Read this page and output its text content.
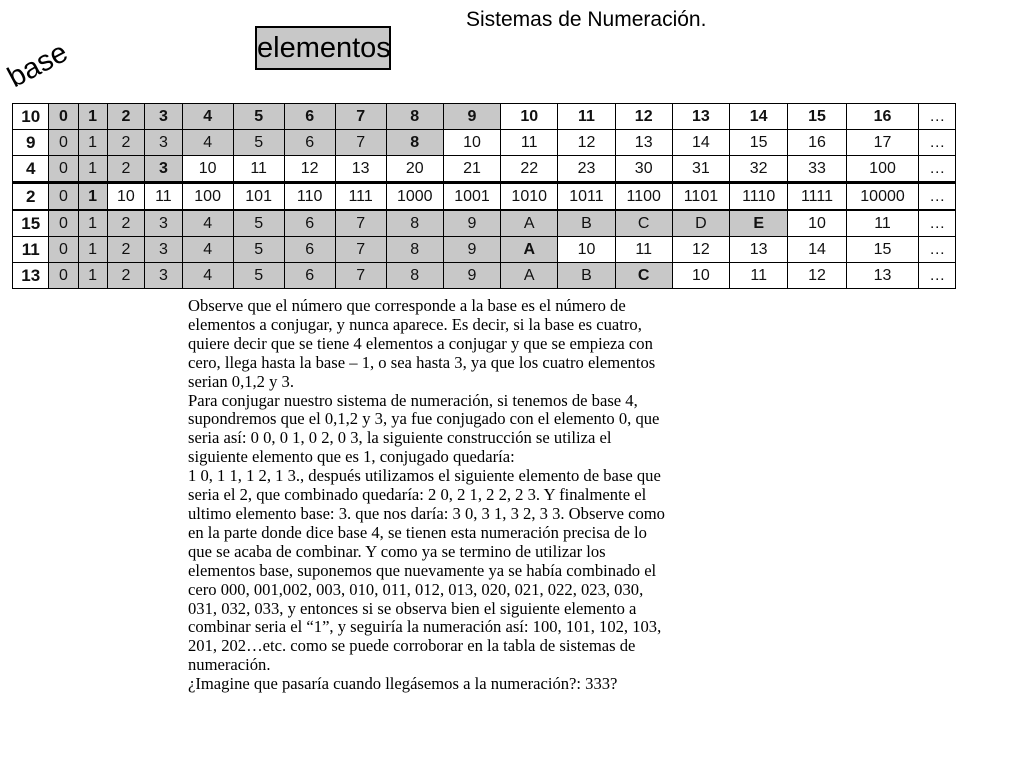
Sistemas de Numeración.
elementos
base
10	0	1	2	3	4	5	6	7	8	9	10	11	12	13	14	15	16	…
9	0	1	2	3	4	5	6	7	8	10	11	12	13	14	15	16	17	…
4	0	1	2	3	10	11	12	13	20	21	22	23	30	31	32	33	100	…
2	0	1	10	11	100	101	110	111	1000	1001	1010	1011	1100	1101	1110	1111	10000	…
15	0	1	2	3	4	5	6	7	8	9	A	B	C	D	E	10	11	…
11	0	1	2	3	4	5	6	7	8	9	A	10	11	12	13	14	15	…
13	0	1	2	3	4	5	6	7	8	9	A	B	C	10	11	12	13	…
Observe que el número que corresponde a la base es el número de
elementos a conjugar, y nunca aparece. Es decir, si la base es cuatro,
quiere decir que se tiene 4 elementos a conjugar y que se empieza con
cero, llega hasta la base – 1, o sea hasta 3, ya que los cuatro elementos
serian 0,1,2 y 3.
Para conjugar nuestro sistema de numeración, si tenemos de base 4,
supondremos que el 0,1,2 y 3, ya fue conjugado con el elemento 0, que
seria así: 0 0, 0 1, 0 2, 0 3, la siguiente construcción se utiliza el
siguiente elemento que es 1, conjugado quedaría:
1 0, 1 1, 1 2, 1 3., después utilizamos el siguiente elemento de base que
seria el 2, que combinado quedaría: 2 0, 2 1, 2 2, 2 3. Y finalmente el
ultimo elemento base: 3. que nos daría: 3 0, 3 1, 3 2, 3 3. Observe como
en la parte donde dice base 4, se tienen esta numeración precisa de lo
que se acaba de combinar. Y como ya se termino de utilizar los
elementos base, suponemos que nuevamente ya se había combinado el
cero 000, 001,002, 003, 010, 011, 012, 013, 020, 021, 022, 023, 030,
031, 032, 033, y entonces si se observa bien el siguiente elemento a
combinar seria el “1”, y seguiría la numeración así: 100, 101, 102, 103,
201, 202…etc. como se puede corroborar en la tabla de sistemas de
numeración.
¿Imagine que pasaría cuando llegásemos a la numeración?: 333?
